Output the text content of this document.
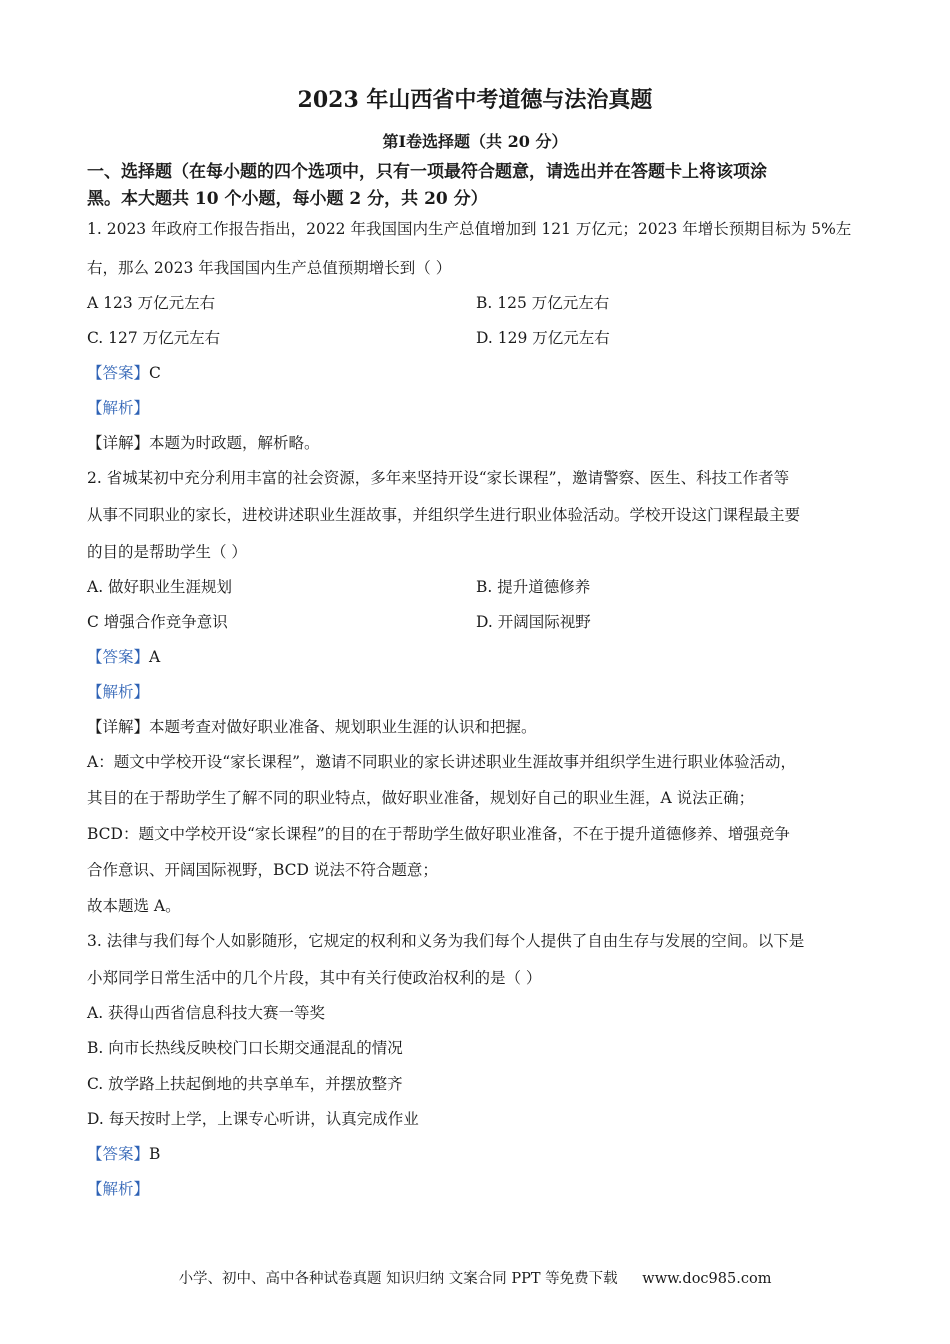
2023 年山西省中考道德与法治真题
第Ⅰ卷选择题（共 20 分）
一、选择题（在每小题的四个选项中，只有一项最符合题意，请选出并在答题卡上将该项涂
黑。本大题共 10 个小题，每小题 2 分，共 20 分）
1. 2023 年政府工作报告指出，2022 年我国国内生产总值增加到 121 万亿元；2023 年增长预期目标为 5%左
右，那么 2023 年我国国内生产总值预期增长到（ ）
A 123 万亿元左右	B. 125 万亿元左右
C. 127 万亿元左右	D. 129 万亿元左右
【答案】C
【解析】
【详解】本题为时政题，解析略。
2. 省城某初中充分利用丰富的社会资源，多年来坚持开设“家长课程”，邀请警察、医生、科技工作者等
从事不同职业的家长，进校讲述职业生涯故事，并组织学生进行职业体验活动。学校开设这门课程最主要
的目的是帮助学生（ ）
A. 做好职业生涯规划	B. 提升道德修养
C 增强合作竞争意识	D. 开阔国际视野
【答案】A
【解析】
【详解】本题考查对做好职业准备、规划职业生涯的认识和把握。
A：题文中学校开设“家长课程”，邀请不同职业的家长讲述职业生涯故事并组织学生进行职业体验活动，
其目的在于帮助学生了解不同的职业特点，做好职业准备，规划好自己的职业生涯，A 说法正确；
BCD：题文中学校开设“家长课程”的目的在于帮助学生做好职业准备，不在于提升道德修养、增强竞争
合作意识、开阔国际视野，BCD 说法不符合题意；
故本题选 A。
3. 法律与我们每个人如影随形，它规定的权利和义务为我们每个人提供了自由生存与发展的空间。以下是
小郑同学日常生活中的几个片段，其中有关行使政治权利的是（ ）
A. 获得山西省信息科技大赛一等奖
B. 向市长热线反映校门口长期交通混乱的情况
C. 放学路上扶起倒地的共享单车，并摆放整齐
D. 每天按时上学，上课专心听讲，认真完成作业
【答案】B
【解析】
小学、初中、高中各种试卷真题 知识归纳 文案合同 PPT 等免费下载 www.doc985.com
